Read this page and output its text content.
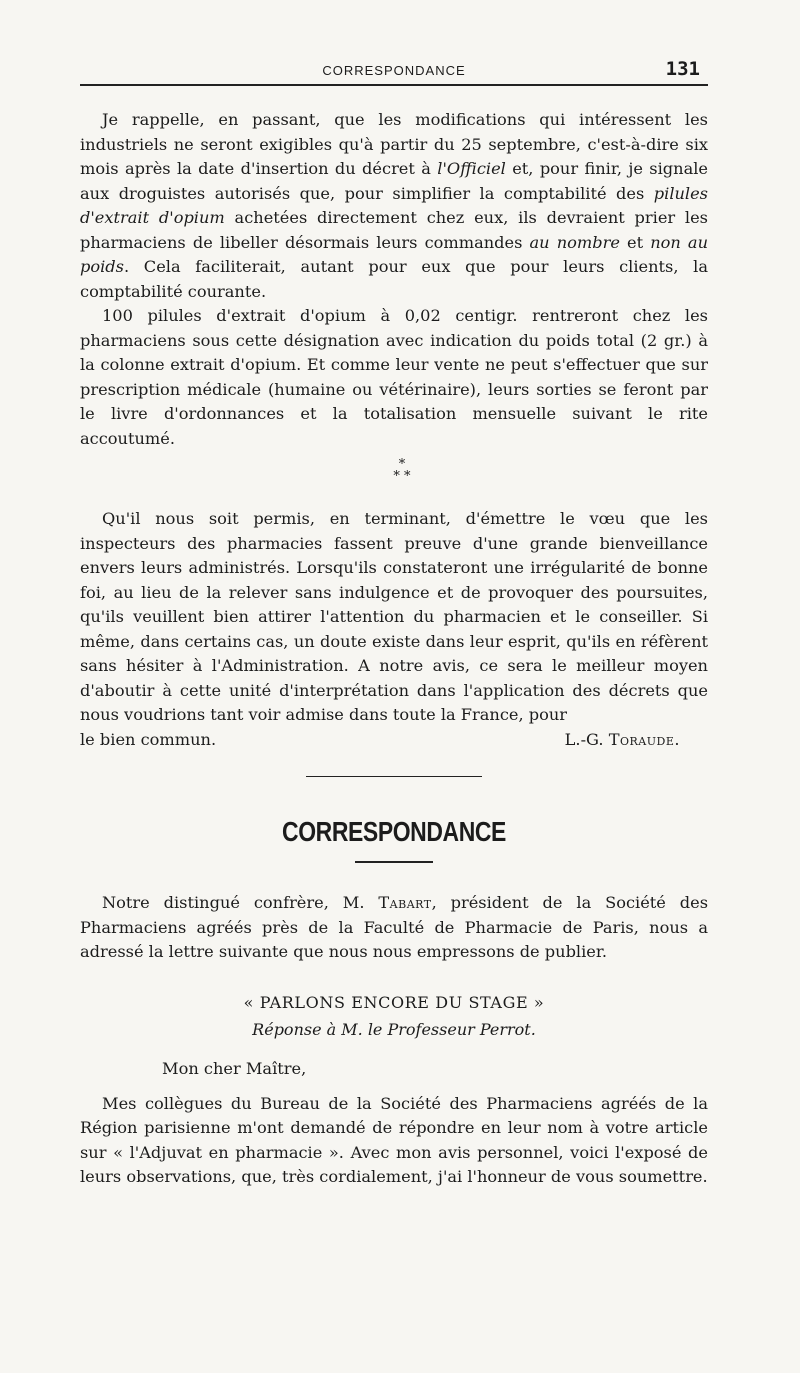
CORRESPONDANCE	131

Je rappelle, en passant, que les modifications qui intéressent les industriels ne seront exigibles qu'à partir du 25 septembre, c'est-à-dire six mois après la date d'insertion du décret à l'Officiel et, pour finir, je signale aux droguistes autorisés que, pour simplifier la comptabilité des pilules d'extrait d'opium achetées directement chez eux, ils devraient prier les pharmaciens de libeller désormais leurs commandes au nombre et non au poids. Cela faciliterait, autant pour eux que pour leurs clients, la comptabilité courante.

100 pilules d'extrait d'opium à 0,02 centigr. rentreront chez les pharmaciens sous cette désignation avec indication du poids total (2 gr.) à la colonne extrait d'opium. Et comme leur vente ne peut s'effectuer que sur prescription médicale (humaine ou vétérinaire), leurs sorties se feront par le livre d'ordonnances et la totalisation mensuelle suivant le rite accoutumé.

*
* *

Qu'il nous soit permis, en terminant, d'émettre le vœu que les inspecteurs des pharmacies fassent preuve d'une grande bienveillance envers leurs administrés. Lorsqu'ils constateront une irrégularité de bonne foi, au lieu de la relever sans indulgence et de provoquer des poursuites, qu'ils veuillent bien attirer l'attention du pharmacien et le conseiller. Si même, dans certains cas, un doute existe dans leur esprit, qu'ils en réfèrent sans hésiter à l'Administration. A notre avis, ce sera le meilleur moyen d'aboutir à cette unité d'interprétation dans l'application des décrets que nous voudrions tant voir admise dans toute la France, pour

le bien commun.	L.-G. Toraude.
CORRESPONDANCE

Notre distingué confrère, M. Tabart, président de la Société des Pharmaciens agréés près de la Faculté de Pharmacie de Paris, nous a adressé la lettre suivante que nous nous empressons de publier.

« PARLONS ENCORE DU STAGE »

Réponse à M. le Professeur Perrot.

Mon cher Maître,

Mes collègues du Bureau de la Société des Pharmaciens agréés de la Région parisienne m'ont demandé de répondre en leur nom à votre article sur « l'Adjuvat en pharmacie ». Avec mon avis personnel, voici l'exposé de leurs observations, que, très cordialement, j'ai l'honneur de vous soumettre.
